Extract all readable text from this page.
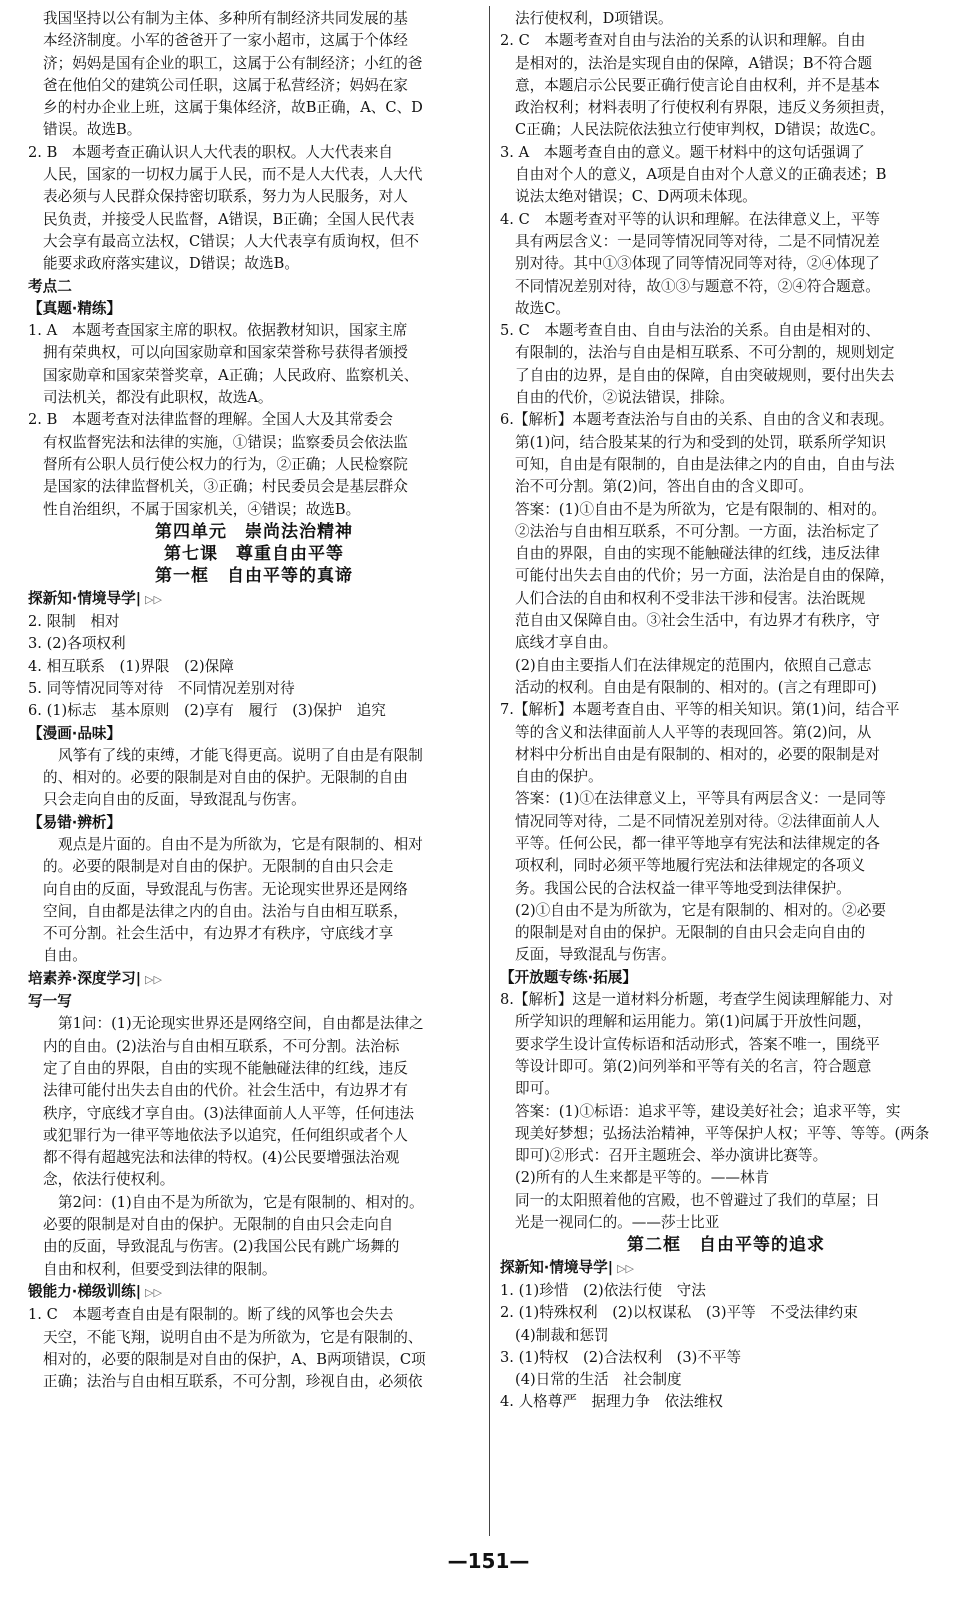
我国坚持以公有制为主体、多种所有制经济共同发展的基
本经济制度。小军的爸爸开了一家小超市，这属于个体经
济；妈妈是国有企业的职工，这属于公有制经济；小红的爸
爸在他伯父的建筑公司任职，这属于私营经济；妈妈在家
乡的村办企业上班，这属于集体经济，故B正确，A、C、D
错误。故选B。
2. B　本题考查正确认识人大代表的职权。人大代表来自
人民，国家的一切权力属于人民，而不是人大代表，人大代
表必须与人民群众保持密切联系，努力为人民服务，对人
民负责，并接受人民监督，A错误，B正确；全国人民代表
大会享有最高立法权，C错误；人大代表享有质询权，但不
能要求政府落实建议，D错误；故选B。
考点二
【真题·精练】
1. A　本题考查国家主席的职权。依据教材知识，国家主席
拥有荣典权，可以向国家勋章和国家荣誉称号获得者颁授
国家勋章和国家荣誉奖章，A正确；人民政府、监察机关、
司法机关，都没有此职权，故选A。
2. B　本题考查对法律监督的理解。全国人大及其常委会
有权监督宪法和法律的实施，①错误；监察委员会依法监
督所有公职人员行使公权力的行为，②正确；人民检察院
是国家的法律监督机关，③正确；村民委员会是基层群众
性自治组织，不属于国家机关，④错误；故选B。
第四单元　崇尚法治精神
第七课　尊重自由平等
第一框　自由平等的真谛
探新知·情境导学| ▷▷
2. 限制　相对
3. (2)各项权利
4. 相互联系　(1)界限　(2)保障
5. 同等情况同等对待　不同情况差别对待
6. (1)标志　基本原则　(2)享有　履行　(3)保护　追究
【漫画·品味】
风筝有了线的束缚，才能飞得更高。说明了自由是有限制
的、相对的。必要的限制是对自由的保护。无限制的自由
只会走向自由的反面，导致混乱与伤害。
【易错·辨析】
观点是片面的。自由不是为所欲为，它是有限制的、相对
的。必要的限制是对自由的保护。无限制的自由只会走
向自由的反面，导致混乱与伤害。无论现实世界还是网络
空间，自由都是法律之内的自由。法治与自由相互联系，
不可分割。社会生活中，有边界才有秩序，守底线才享
自由。
培素养·深度学习| ▷▷
写一写
第1问：(1)无论现实世界还是网络空间，自由都是法律之
内的自由。(2)法治与自由相互联系，不可分割。法治标
定了自由的界限，自由的实现不能触碰法律的红线，违反
法律可能付出失去自由的代价。社会生活中，有边界才有
秩序，守底线才享自由。(3)法律面前人人平等，任何违法
或犯罪行为一律平等地依法予以追究，任何组织或者个人
都不得有超越宪法和法律的特权。(4)公民要增强法治观
念，依法行使权利。
第2问：(1)自由不是为所欲为，它是有限制的、相对的。
必要的限制是对自由的保护。无限制的自由只会走向自
由的反面，导致混乱与伤害。(2)我国公民有跳广场舞的
自由和权利，但要受到法律的限制。
锻能力·梯级训练| ▷▷
1. C　本题考查自由是有限制的。断了线的风筝也会失去
天空，不能飞翔，说明自由不是为所欲为，它是有限制的、
相对的，必要的限制是对自由的保护，A、B两项错误，C项
正确；法治与自由相互联系，不可分割，珍视自由，必须依
法行使权利，D项错误。
2. C　本题考查对自由与法治的关系的认识和理解。自由
是相对的，法治是实现自由的保障，A错误；B不符合题
意，本题启示公民要正确行使言论自由权利，并不是基本
政治权利；材料表明了行使权利有界限，违反义务须担责，
C正确；人民法院依法独立行使审判权，D错误；故选C。
3. A　本题考查自由的意义。题干材料中的这句话强调了
自由对个人的意义，A项是自由对个人意义的正确表述；B
说法太绝对错误；C、D两项未体现。
4. C　本题考查对平等的认识和理解。在法律意义上，平等
具有两层含义：一是同等情况同等对待，二是不同情况差
别对待。其中①③体现了同等情况同等对待，②④体现了
不同情况差别对待，故①③与题意不符，②④符合题意。
故选C。
5. C　本题考查自由、自由与法治的关系。自由是相对的、
有限制的，法治与自由是相互联系、不可分割的，规则划定
了自由的边界，是自由的保障，自由突破规则，要付出失去
自由的代价，②说法错误，排除。
6.【解析】本题考查法治与自由的关系、自由的含义和表现。
第(1)问，结合股某某的行为和受到的处罚，联系所学知识
可知，自由是有限制的，自由是法律之内的自由，自由与法
治不可分割。第(2)问，答出自由的含义即可。
答案：(1)①自由不是为所欲为，它是有限制的、相对的。
②法治与自由相互联系，不可分割。一方面，法治标定了
自由的界限，自由的实现不能触碰法律的红线，违反法律
可能付出失去自由的代价；另一方面，法治是自由的保障，
人们合法的自由和权利不受非法干涉和侵害。法治既规
范自由又保障自由。③社会生活中，有边界才有秩序，守
底线才享自由。
(2)自由主要指人们在法律规定的范围内，依照自己意志
活动的权利。自由是有限制的、相对的。(言之有理即可)
7.【解析】本题考查自由、平等的相关知识。第(1)问，结合平
等的含义和法律面前人人平等的表现回答。第(2)问，从
材料中分析出自由是有限制的、相对的，必要的限制是对
自由的保护。
答案：(1)①在法律意义上，平等具有两层含义：一是同等
情况同等对待，二是不同情况差别对待。②法律面前人人
平等。任何公民，都一律平等地享有宪法和法律规定的各
项权利，同时必须平等地履行宪法和法律规定的各项义
务。我国公民的合法权益一律平等地受到法律保护。
(2)①自由不是为所欲为，它是有限制的、相对的。②必要
的限制是对自由的保护。无限制的自由只会走向自由的
反面，导致混乱与伤害。
【开放题专练·拓展】
8.【解析】这是一道材料分析题，考查学生阅读理解能力、对
所学知识的理解和运用能力。第(1)问属于开放性问题，
要求学生设计宣传标语和活动形式，答案不唯一，围绕平
等设计即可。第(2)问列举和平等有关的名言，符合题意
即可。
答案：(1)①标语：追求平等，建设美好社会；追求平等，实
现美好梦想；弘扬法治精神，平等保护人权；平等、等等。(两条
即可)②形式：召开主题班会、举办演讲比赛等。
(2)所有的人生来都是平等的。——林肯
同一的太阳照着他的宫殿，也不曾避过了我们的草屋；日
光是一视同仁的。——莎士比亚
第二框　自由平等的追求
探新知·情境导学| ▷▷
1. (1)珍惜　(2)依法行使　守法
2. (1)特殊权利　(2)以权谋私　(3)平等　不受法律约束
(4)制裁和惩罚
3. (1)特权　(2)合法权利　(3)不平等
(4)日常的生活　社会制度
4. 人格尊严　据理力争　依法维权
—151—
